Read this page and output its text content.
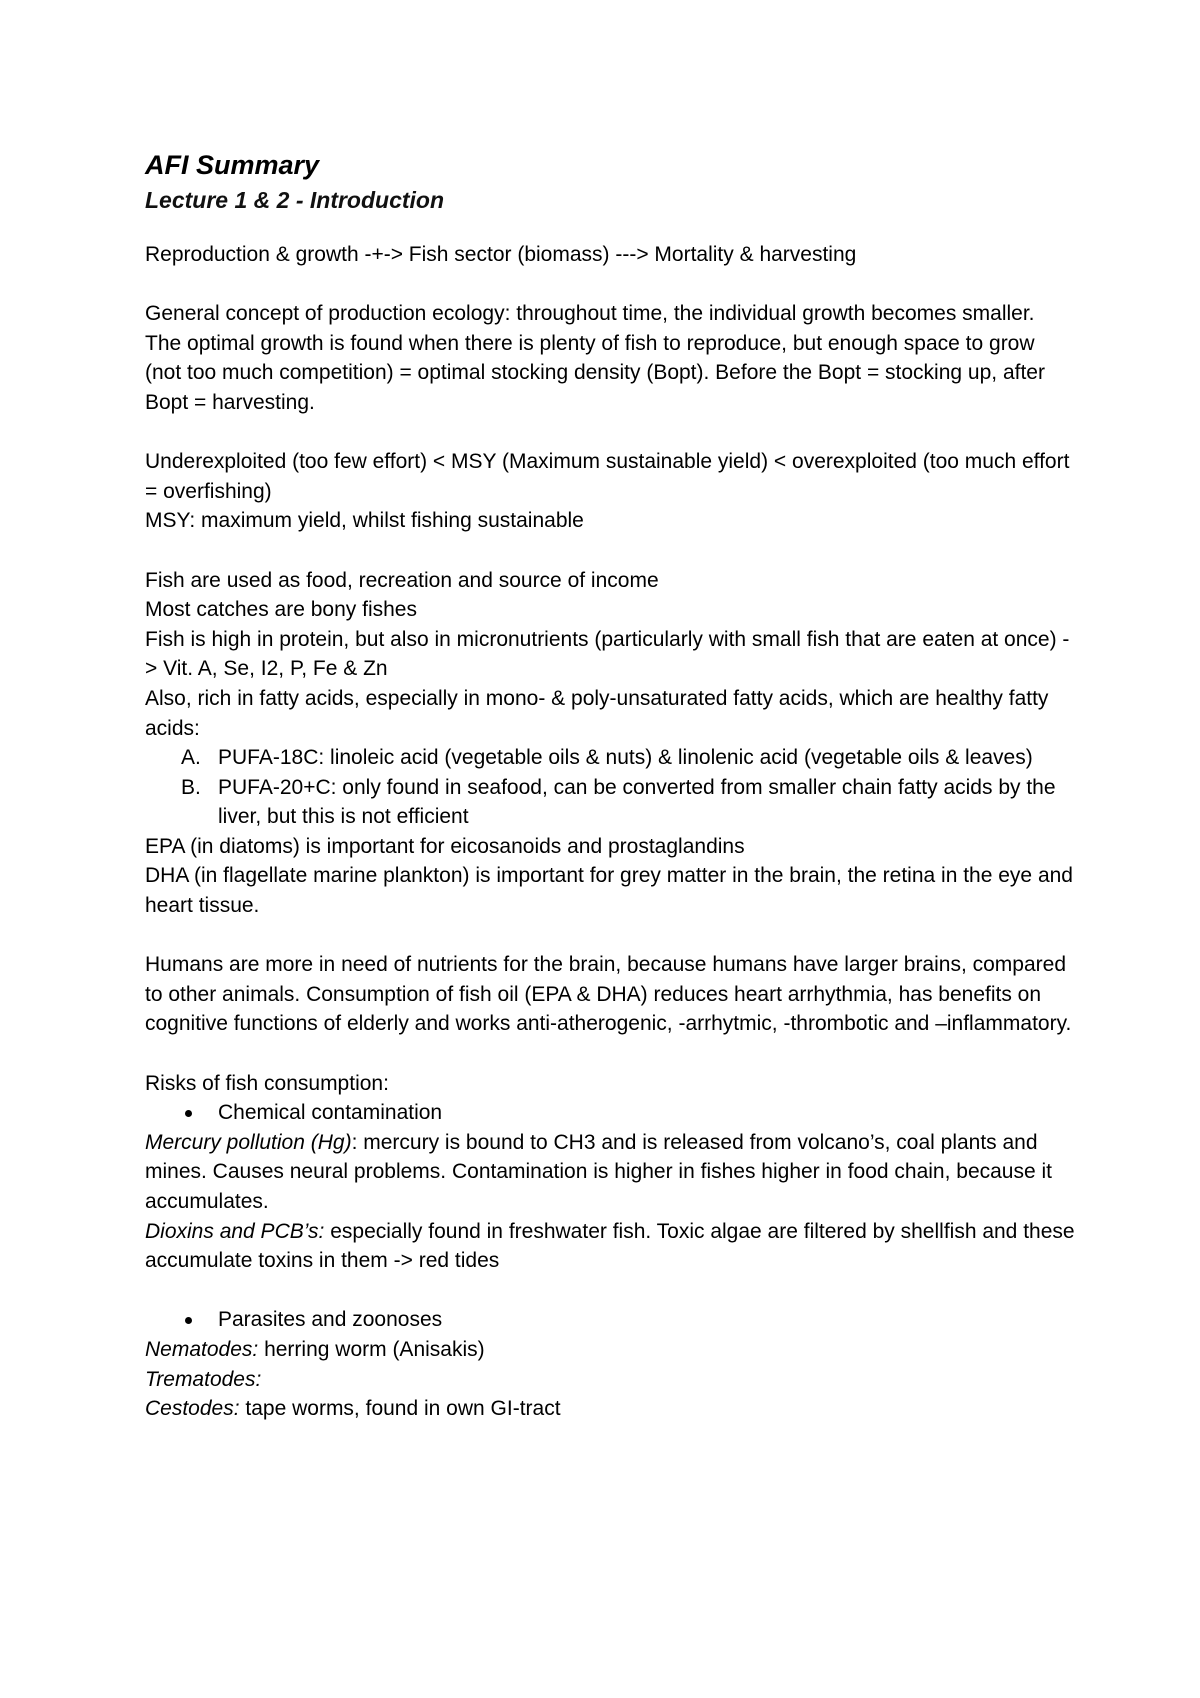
AFI Summary
Lecture 1 & 2 - Introduction

Reproduction & growth -+-> Fish sector (biomass) ---> Mortality & harvesting

General concept of production ecology: throughout time, the individual growth becomes smaller. The optimal growth is found when there is plenty of fish to reproduce, but enough space to grow (not too much competition) = optimal stocking density (Bopt). Before the Bopt = stocking up, after Bopt = harvesting.

Underexploited (too few effort) < MSY (Maximum sustainable yield) < overexploited (too much effort = overfishing)

MSY: maximum yield, whilst fishing sustainable

Fish are used as food, recreation and source of income

Most catches are bony fishes

Fish is high in protein, but also in micronutrients (particularly with small fish that are eaten at once) -> Vit. A, Se, I2, P, Fe & Zn

Also, rich in fatty acids, especially in mono- & poly-unsaturated fatty acids, which are healthy fatty acids:

A. PUFA-18C: linoleic acid (vegetable oils & nuts) & linolenic acid (vegetable oils & leaves)
B. PUFA-20+C: only found in seafood, can be converted from smaller chain fatty acids by the liver, but this is not efficient

EPA (in diatoms) is important for eicosanoids and prostaglandins

DHA (in flagellate marine plankton) is important for grey matter in the brain, the retina in the eye and heart tissue.

Humans are more in need of nutrients for the brain, because humans have larger brains, compared to other animals. Consumption of fish oil (EPA & DHA) reduces heart arrhythmia, has benefits on cognitive functions of elderly and works anti-atherogenic, -arrhytmic, -thrombotic and –inflammatory.

Risks of fish consumption:

Chemical contamination

Mercury pollution (Hg): mercury is bound to CH3 and is released from volcano’s, coal plants and mines. Causes neural problems. Contamination is higher in fishes higher in food chain, because it accumulates.

Dioxins and PCB’s: especially found in freshwater fish. Toxic algae are filtered by shellfish and these accumulate toxins in them -> red tides

Parasites and zoonoses

Nematodes: herring worm (Anisakis)

Trematodes:

Cestodes: tape worms, found in own GI-tract
